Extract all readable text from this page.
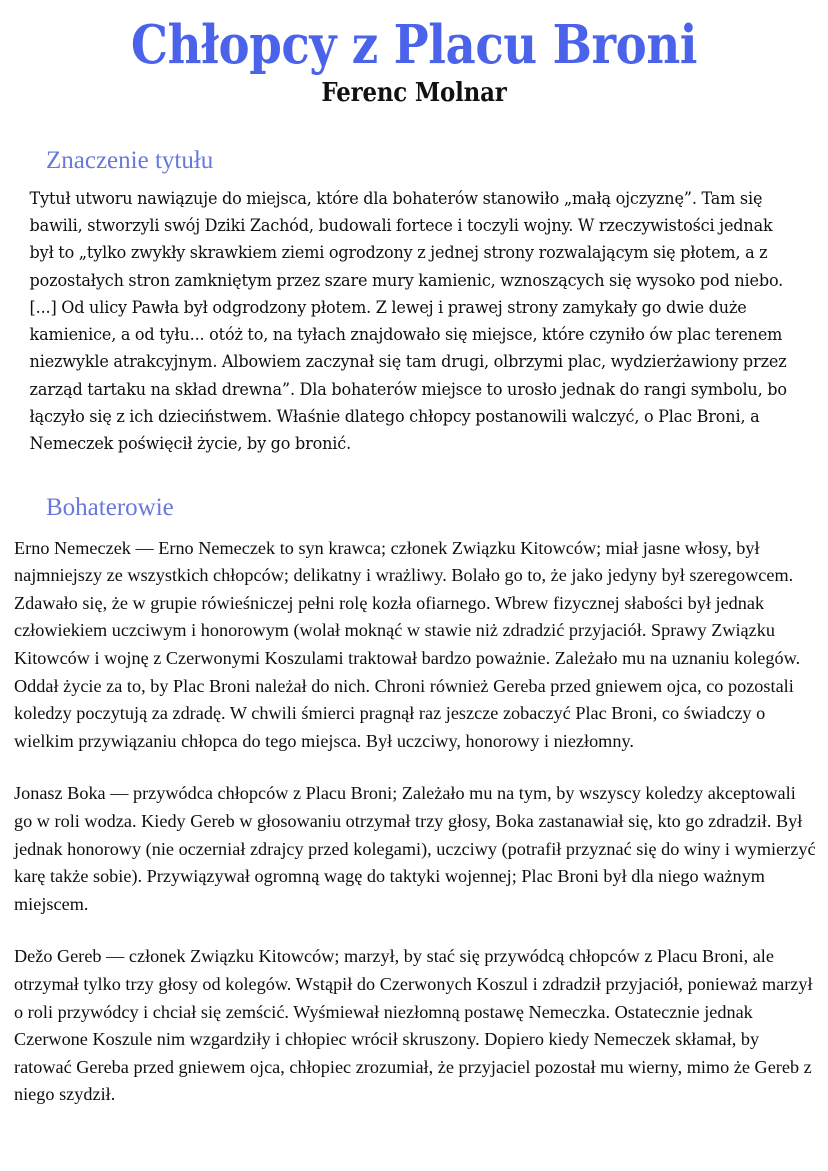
Chłopcy z Placu Broni
Ferenc Molnar
Znaczenie tytułu

Tytuł utworu nawiązuje do miejsca, które dla bohaterów stanowiło „małą ojczyznę”. Tam się bawili, stworzyli swój Dziki Zachód, budowali fortece i toczyli wojny. W rzeczywistości jednak był to „tylko zwykły skrawkiem ziemi ogrodzony z jednej strony rozwalającym się płotem, a z pozostałych stron zamkniętym przez szare mury kamienic, wznoszących się wysoko pod niebo. [...] Od ulicy Pawła był odgrodzony płotem. Z lewej i prawej strony zamykały go dwie duże kamienice, a od tyłu... otóż to, na tyłach znajdowało się miejsce, które czyniło ów plac terenem niezwykle atrakcyjnym. Albowiem zaczynał się tam drugi, olbrzymi plac, wydzierżawiony przez zarząd tartaku na skład drewna”. Dla bohaterów miejsce to urosło jednak do rangi symbolu, bo łączyło się z ich dzieciństwem. Właśnie dlatego chłopcy postanowili walczyć, o Plac Broni, a Nemeczek poświęcił życie, by go bronić.

Bohaterowie

Erno Nemeczek — Erno Nemeczek to syn krawca; członek Związku Kitowców; miał jasne włosy, był najmniejszy ze wszystkich chłopców; delikatny i wrażliwy. Bolało go to, że jako jedyny był szeregowcem. Zdawało się, że w grupie rówieśniczej pełni rolę kozła ofiarnego. Wbrew fizycznej słabości był jednak człowiekiem uczciwym i honorowym (wolał moknąć w stawie niż zdradzić przyjaciół. Sprawy Związku Kitowców i wojnę z Czerwonymi Koszulami traktował bardzo poważnie. Zależało mu na uznaniu kolegów. Oddał życie za to, by Plac Broni należał do nich. Chroni również Gereba przed gniewem ojca, co pozostali koledzy poczytują za zdradę. W chwili śmierci pragnął raz jeszcze zobaczyć Plac Broni, co świadczy o wielkim przywiązaniu chłopca do tego miejsca. Był uczciwy, honorowy i niezłomny.

Jonasz Boka — przywódca chłopców z Placu Broni; Zależało mu na tym, by wszyscy koledzy akceptowali go w roli wodza. Kiedy Gereb w głosowaniu otrzymał trzy głosy, Boka zastanawiał się, kto go zdradził. Był jednak honorowy (nie oczerniał zdrajcy przed kolegami), uczciwy (potrafił przyznać się do winy i wymierzyć karę także sobie). Przywiązywał ogromną wagę do taktyki wojennej; Plac Broni był dla niego ważnym miejscem.

Dežo Gereb — członek Związku Kitowców; marzył, by stać się przywódcą chłopców z Placu Broni, ale otrzymał tylko trzy głosy od kolegów. Wstąpił do Czerwonych Koszul i zdradził przyjaciół, ponieważ marzył o roli przywódcy i chciał się zemścić. Wyśmiewał niezłomną postawę Nemeczka. Ostatecznie jednak Czerwone Koszule nim wzgardziły i chłopiec wrócił skruszony. Dopiero kiedy Nemeczek skłamał, by ratować Gereba przed gniewem ojca, chłopiec zrozumiał, że przyjaciel pozostał mu wierny, mimo że Gereb z niego szydził.
